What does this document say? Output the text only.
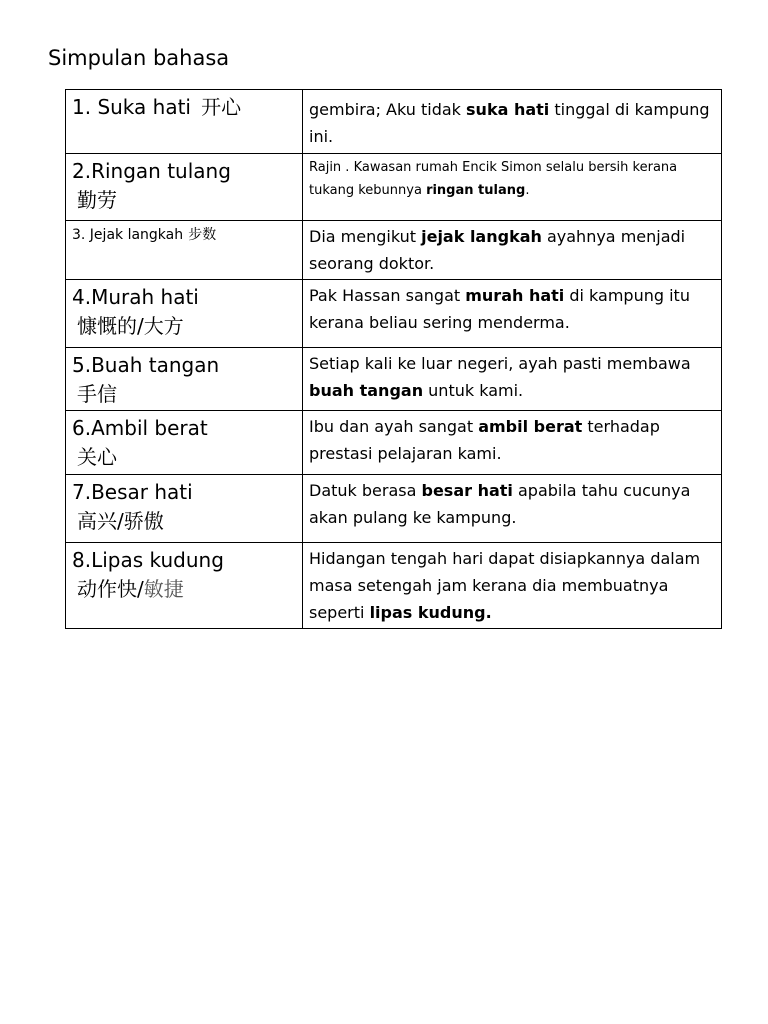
Simpulan bahasa
1. Suka hati 开心	gembira; Aku tidak suka hati tinggal di kampung ini.

2.Ringan tulang
勤劳	Rajin . Kawasan rumah Encik Simon selalu bersih kerana tukang kebunnya ringan tulang.
3. Jejak langkah 步数	Dia mengikut jejak langkah ayahnya menjadi seorang doktor.

4.Murah hati
慷慨的/大方	Pak Hassan sangat murah hati di kampung itu kerana beliau sering menderma.

5.Buah tangan
手信	Setiap kali ke luar negeri, ayah pasti membawa buah tangan untuk kami.

6.Ambil berat
关心	Ibu dan ayah sangat ambil berat terhadap prestasi pelajaran kami.

7.Besar hati
高兴/骄傲	Datuk berasa besar hati apabila tahu cucunya akan pulang ke kampung.

8.Lipas kudung
动作快/敏捷	Hidangan tengah hari dapat disiapkannya dalam masa setengah jam kerana dia membuatnya seperti lipas kudung.
